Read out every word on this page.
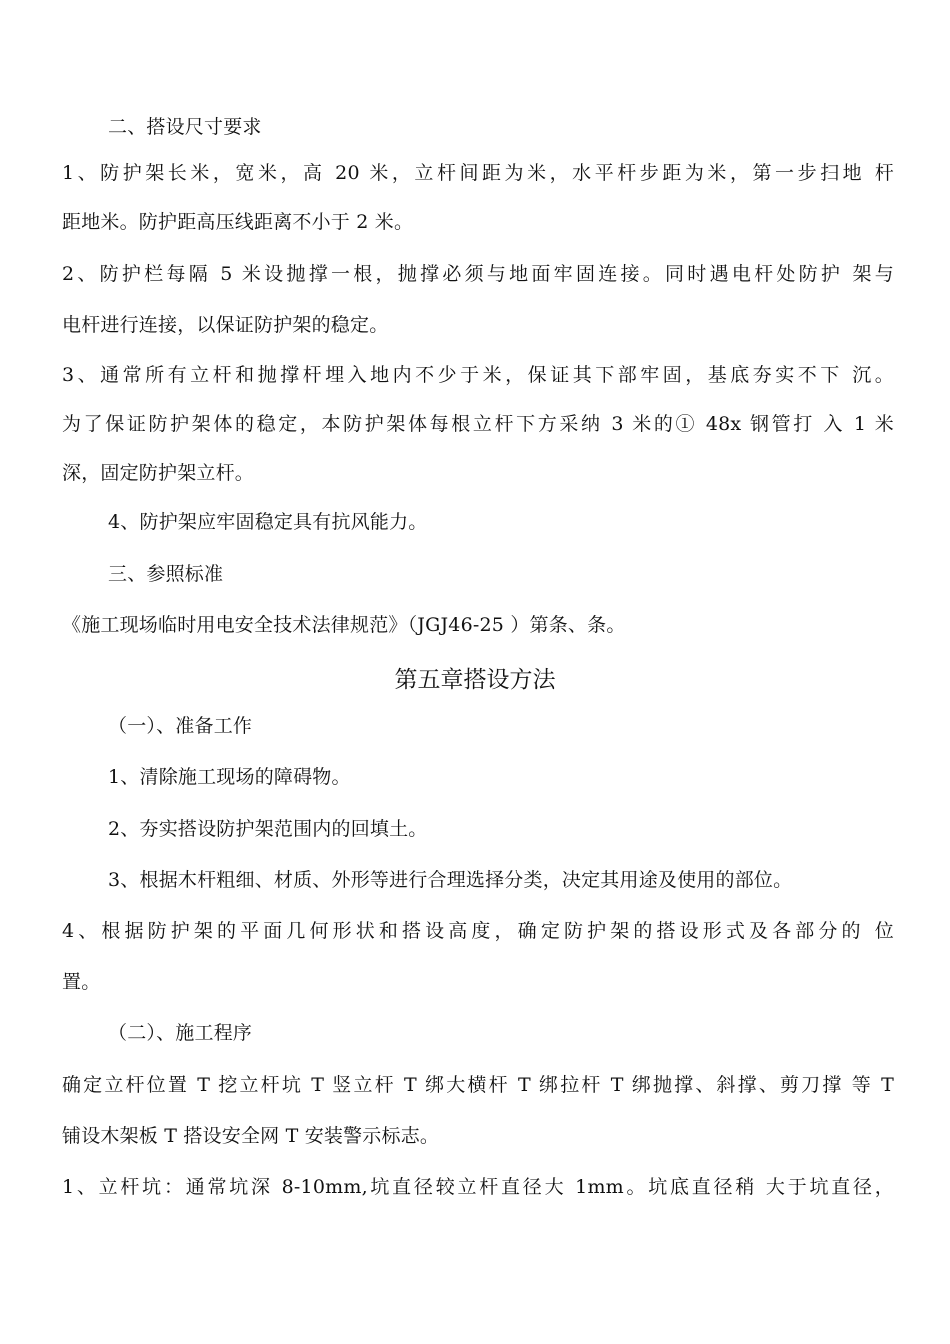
二、搭设尺寸要求
1、防护架长米，宽米，高 20 米，立杆间距为米，水平杆步距为米，第一步扫地 杆
距地米。防护距高压线距离不小于 2 米。
2、防护栏每隔 5 米设抛撑一根，抛撑必须与地面牢固连接。同时遇电杆处防护 架与
电杆进行连接，以保证防护架的稳定。
3、通常所有立杆和抛撑杆埋入地内不少于米，保证其下部牢固，基底夯实不下 沉。
为了保证防护架体的稳定，本防护架体每根立杆下方采纳 3 米的① 48x 钢管打 入 1 米
深，固定防护架立杆。
4、防护架应牢固稳定具有抗风能力。
三、参照标准
《施工现场临时用电安全技术法律规范》（JGJ46-25 ）第条、条。
第五章搭设方法
（一）、准备工作
1、清除施工现场的障碍物。
2、夯实搭设防护架范围内的回填土。
3、根据木杆粗细、材质、外形等进行合理选择分类，决定其用途及使用的部位。
4、根据防护架的平面几何形状和搭设高度，确定防护架的搭设形式及各部分的 位
置。
（二）、施工程序
确定立杆位置 T 挖立杆坑 T 竖立杆 T 绑大横杆 T 绑拉杆 T 绑抛撑、斜撑、剪刀撑 等 T
铺设木架板 T 搭设安全网 T 安装警示标志。
1、立杆坑：通常坑深 8-10mm,坑直径较立杆直径大 1mm。坑底直径稍 大于坑直径，
